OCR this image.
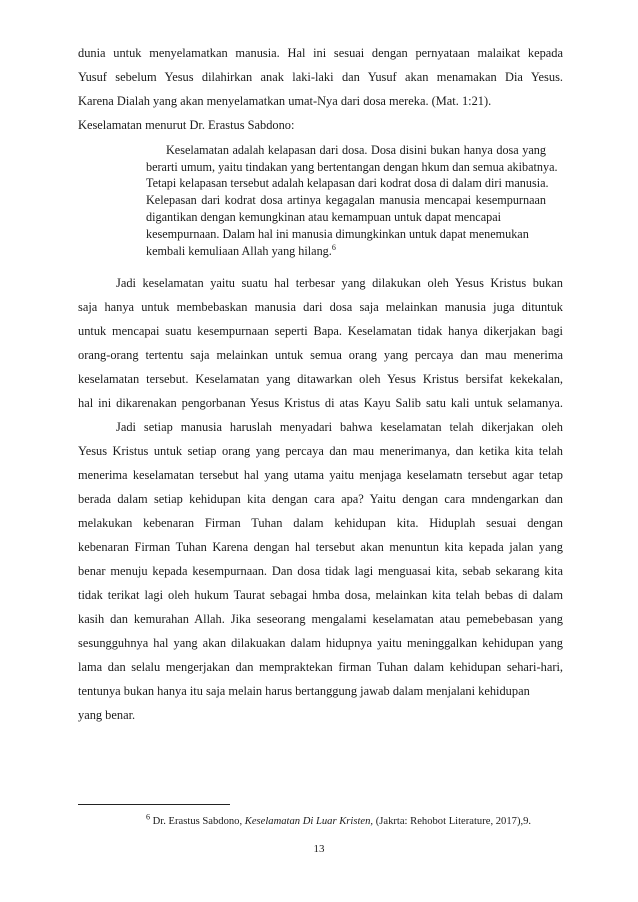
dunia untuk menyelamatkan manusia. Hal ini sesuai dengan pernyataan malaikat kepada
Yusuf sebelum Yesus dilahirkan anak laki-laki dan Yusuf akan menamakan Dia Yesus.
Karena Dialah yang akan menyelamatkan umat-Nya dari dosa mereka. (Mat. 1:21).
Keselamatan menurut Dr. Erastus Sabdono:
Keselamatan adalah kelapasan dari dosa. Dosa disini bukan hanya dosa yang
berarti umum, yaitu tindakan yang bertentangan dengan hkum dan semua akibatnya.
Tetapi kelapasan tersebut adalah kelapasan dari kodrat dosa di dalam diri manusia.
Kelepasan dari kodrat dosa artinya kegagalan manusia mencapai kesempurnaan
digantikan dengan kemungkinan atau kemampuan untuk dapat mencapai
kesempurnaan. Dalam hal ini manusia dimungkinkan untuk dapat menemukan
kembali kemuliaan Allah yang hilang.$^6$
Jadi keselamatan yaitu suatu hal terbesar yang dilakukan oleh Yesus Kristus bukan
saja hanya untuk membebaskan manusia dari dosa saja melainkan manusia juga dituntuk
untuk mencapai suatu kesempurnaan seperti Bapa. Keselamatan tidak hanya dikerjakan bagi
orang-orang tertentu saja melainkan untuk semua orang yang percaya dan mau menerima
keselamatan tersebut. Keselamatan yang ditawarkan oleh Yesus Kristus bersifat kekekalan,
hal ini dikarenakan pengorbanan Yesus Kristus di atas Kayu Salib satu kali untuk selamanya.
Jadi setiap manusia haruslah menyadari bahwa keselamatan telah dikerjakan oleh
Yesus Kristus untuk setiap orang yang percaya dan mau menerimanya, dan ketika kita telah
menerima keselamatan tersebut hal yang utama yaitu menjaga keselamatn tersebut agar tetap
berada dalam setiap kehidupan kita dengan cara apa? Yaitu dengan cara mndengarkan dan
melakukan kebenaran Firman Tuhan dalam kehidupan kita. Hiduplah sesuai dengan
kebenaran Firman Tuhan Karena dengan hal tersebut akan menuntun kita kepada jalan yang
benar menuju kepada kesempurnaan. Dan dosa tidak lagi menguasai kita, sebab sekarang kita
tidak terikat lagi oleh hukum Taurat sebagai hmba dosa, melainkan kita telah bebas di dalam
kasih dan kemurahan Allah. Jika seseorang mengalami keselamatan atau pemebebasan yang
sesungguhnya hal yang akan dilakuakan dalam hidupnya yaitu meninggalkan kehidupan yang
lama dan selalu mengerjakan dan mempraktekan firman Tuhan dalam kehidupan sehari-hari,
tentunya bukan hanya itu saja melain harus bertanggung jawab dalam menjalani kehidupan
yang benar.
$^6$ Dr. Erastus Sabdono, Keselamatan Di Luar Kristen, (Jakrta: Rehobot Literature, 2017),9.
13
